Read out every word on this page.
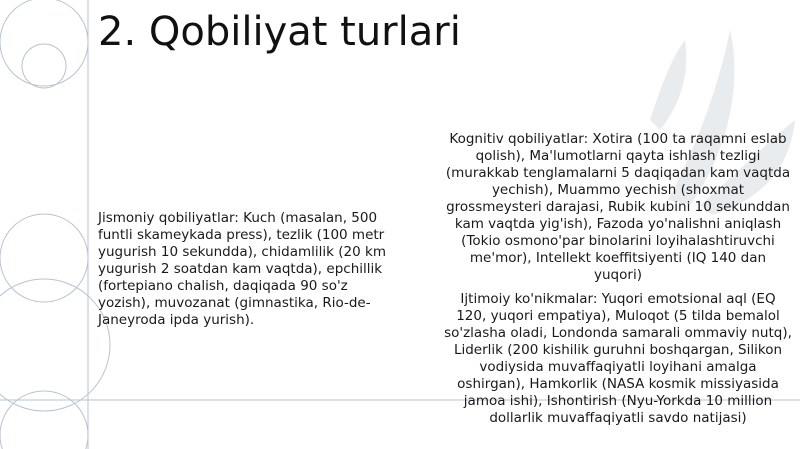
2. Qobiliyat turlari

Jismoniy qobiliyatlar: Kuch (masalan, 500 funtli skameykada press), tezlik (100 metr yugurish 10 sekundda), chidamlilik (20 km yugurish 2 soatdan kam vaqtda), epchillik (fortepiano chalish, daqiqada 90 so'z yozish), muvozanat (gimnastika, Rio-de-Janeyroda ipda yurish).

Kognitiv qobiliyatlar: Xotira (100 ta raqamni eslab qolish), Ma'lumotlarni qayta ishlash tezligi (murakkab tenglamalarni 5 daqiqadan kam vaqtda yechish), Muammo yechish (shoxmat grossmeysteri darajasi, Rubik kubini 10 sekunddan kam vaqtda yig'ish), Fazoda yo'nalishni aniqlash (Tokio osmono'par binolarini loyihalashtiruvchi me'mor), Intellekt koeffitsiyenti (IQ 140 dan yuqori)

Ijtimoiy ko'nikmalar: Yuqori emotsional aql (EQ 120, yuqori empatiya), Muloqot (5 tilda bemalol so'zlasha oladi, Londonda samarali ommaviy nutq), Liderlik (200 kishilik guruhni boshqargan, Silikon vodiysida muvaffaqiyatli loyihani amalga oshirgan), Hamkorlik (NASA kosmik missiyasida jamoa ishi), Ishontirish (Nyu-Yorkda 10 million dollarlik muvaffaqiyatli savdo natijasi)
